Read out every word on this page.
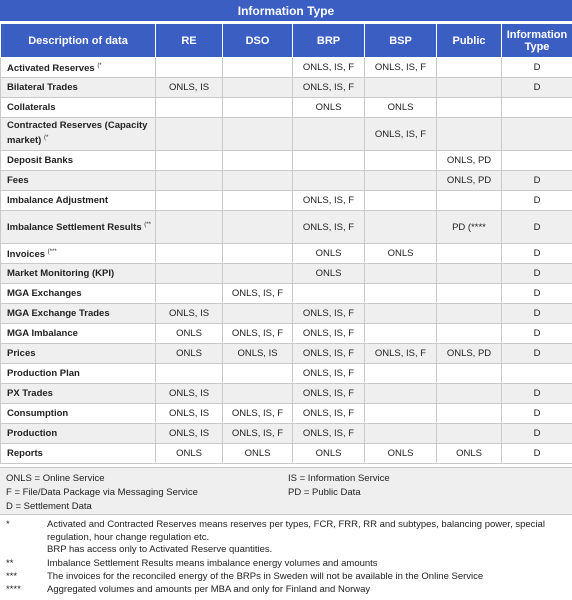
Information Type
Description of data	RE	DSO	BRP	BSP	Public	Information Type
Activated Reserves (*			ONLS, IS, F	ONLS, IS, F		D
Bilateral Trades	ONLS, IS		ONLS, IS, F			D
Collaterals			ONLS	ONLS		
Contracted Reserves (Capacity market) (*				ONLS, IS, F		
Deposit Banks					ONLS, PD	
Fees					ONLS, PD	D
Imbalance Adjustment			ONLS, IS, F			D
Imbalance Settlement Results (**			ONLS, IS, F		PD (****	D
Invoices (***			ONLS	ONLS		D
Market Monitoring (KPI)			ONLS			D
MGA Exchanges		ONLS, IS, F				D
MGA Exchange Trades	ONLS, IS		ONLS, IS, F			D
MGA Imbalance	ONLS	ONLS, IS, F	ONLS, IS, F			D
Prices	ONLS	ONLS, IS	ONLS, IS, F	ONLS, IS, F	ONLS, PD	D
Production Plan			ONLS, IS, F			
PX Trades	ONLS, IS		ONLS, IS, F			D
Consumption	ONLS, IS	ONLS, IS, F	ONLS, IS, F			D
Production	ONLS, IS	ONLS, IS, F	ONLS, IS, F			D
Reports	ONLS	ONLS	ONLS	ONLS	ONLS	D
ONLS = Online Service	IS = Information Service
F = File/Data Package via Messaging Service	PD = Public Data
D = Settlement Data
*	Activated and Contracted Reserves means reserves per types, FCR, FRR, RR and subtypes, balancing power, special regulation, hour change regulation etc.
BRP has access only to Activated Reserve quantities.
**	Imbalance Settlement Results means imbalance energy volumes and amounts
***	The invoices for the reconciled energy of the BRPs in Sweden will not be available in the Online Service
****	Aggregated volumes and amounts per MBA and only for Finland and Norway
